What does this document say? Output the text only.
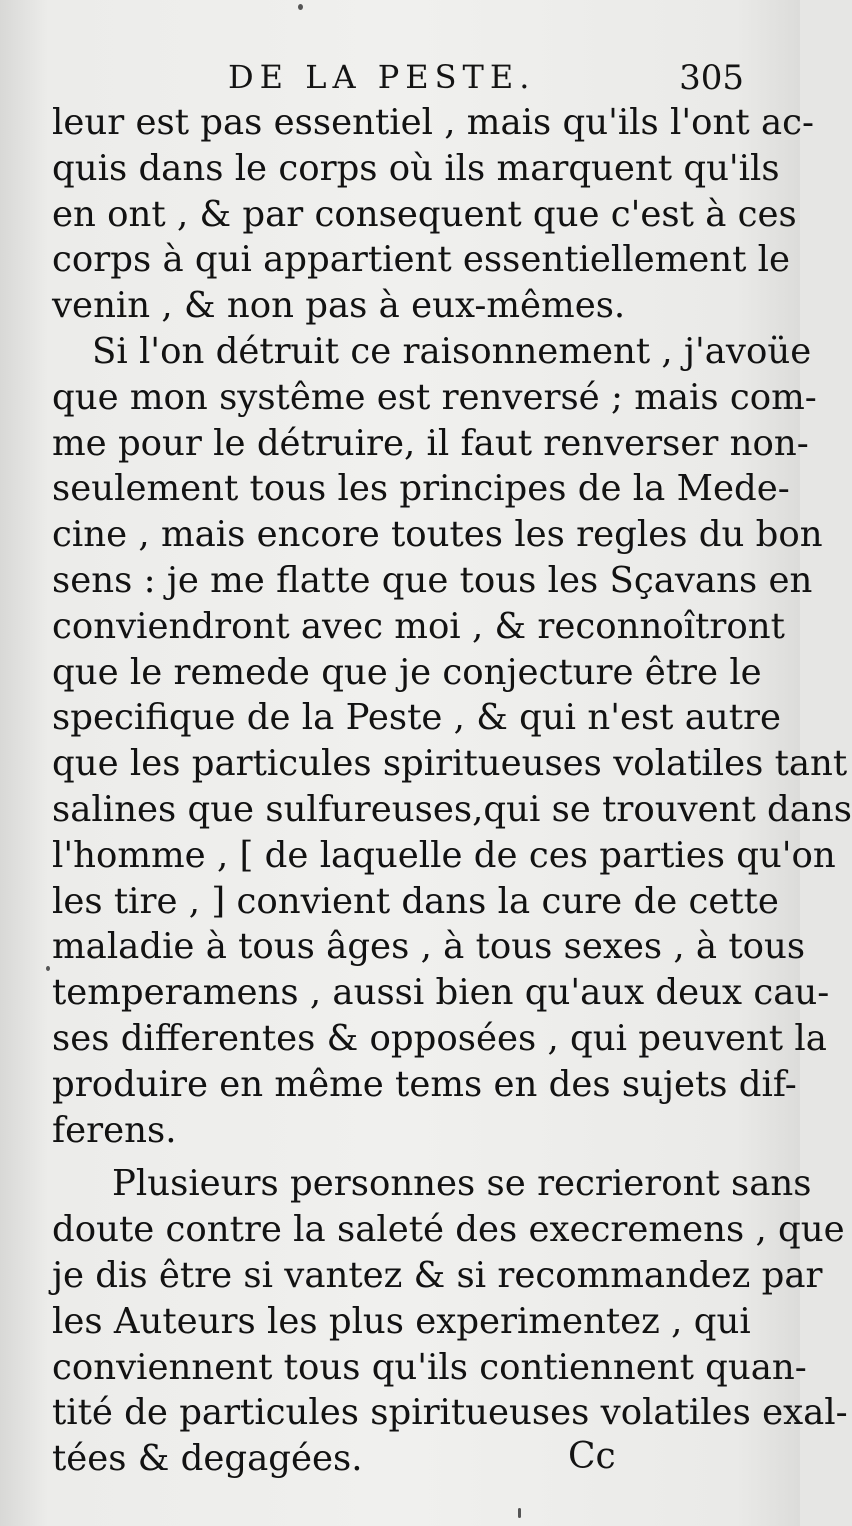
DE LA PESTE.	305
leur est pas essentiel , mais qu'ils l'ont ac-
quis dans le corps où ils marquent qu'ils
en ont , & par consequent que c'est à ces
corps à qui appartient essentiellement le
venin , & non pas à eux-mêmes.
Si l'on détruit ce raisonnement , j'avoüe
que mon systême est renversé ; mais com-
me pour le détruire, il faut renverser non-
seulement tous les principes de la Mede-
cine , mais encore toutes les regles du bon
sens : je me flatte que tous les Sçavans en
conviendront avec moi , & reconnoîtront
que le remede que je conjecture être le
specifique de la Peste , & qui n'est autre
que les particules spiritueuses volatiles tant
salines que sulfureuses,qui se trouvent dans
l'homme , [ de laquelle de ces parties qu'on
les tire , ] convient dans la cure de cette
maladie à tous âges , à tous sexes , à tous
temperamens , aussi bien qu'aux deux cau-
ses differentes & opposées , qui peuvent la
produire en même tems en des sujets dif-
ferens.
Plusieurs personnes se recrieront sans
doute contre la saleté des execremens , que
je dis être si vantez & si recommandez par
les Auteurs les plus experimentez , qui
conviennent tous qu'ils contiennent quan-
tité de particules spiritueuses volatiles exal-
tées & degagées.	Cc
